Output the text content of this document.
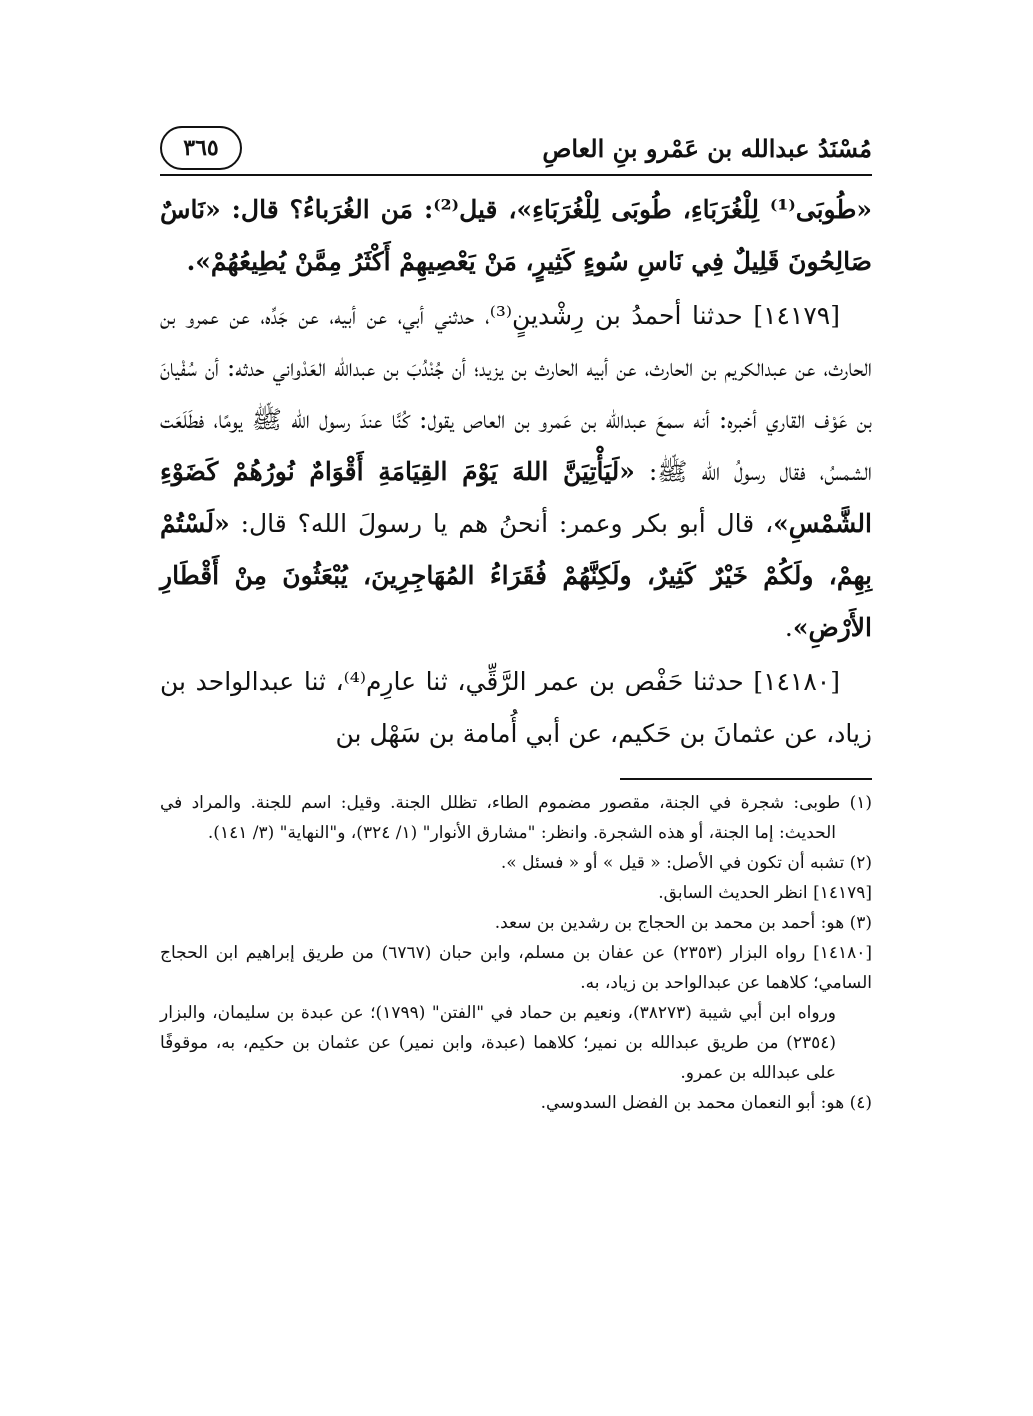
مُسْنَدُ عبدالله بن عَمْرو بنِ العاصِ
٣٦٥

«طُوبَى⁽¹⁾ لِلْغُرَبَاءِ، طُوبَى لِلْغُرَبَاءِ»، قيل⁽²⁾: مَن الغُرَباءُ؟ قال: «نَاسٌ صَالِحُونَ قَلِيلٌ فِي نَاسِ سُوءٍ كَثِيرٍ، مَنْ يَعْصِيهِمْ أَكْثَرُ مِمَّنْ يُطِيعُهُمْ».

[١٤١٧٩] حدثنا أحمدُ بن رِشْدينٍ⁽³⁾، حدثني أبي، عن أبيه، عن جَدِّه، عن عمرو بن الحارث، عن عبدالكريم بن الحارث، عن أبيه الحارث بن يزيد؛ أن جُنْدُبَ بن عبدالله العَدْواني حدثه: أن سُفْيانَ بن عَوْف القاري أخبره: أنه سمعَ عبدالله بن عَمرو بن العاص يقول: كُنَّا عندَ رسول الله ﷺ يومًا، فطَلَعَت الشمسُ، فقال رسولُ الله ﷺ: «لَيَأْتِيَنَّ اللهَ يَوْمَ القِيَامَةِ أَقْوَامٌ نُورُهُمْ كَضَوْءِ الشَّمْسِ»، قال أبو بكر وعمر: أنحنُ هم يا رسولَ الله؟ قال: «لَسْتُمْ بِهِمْ، ولَكُمْ خَيْرٌ كَثِيرٌ، ولَكِنَّهُمْ فُقَرَاءُ المُهَاجِرِينَ، يُبْعَثُونَ مِنْ أَقْطَارِ الأَرْضِ».

[١٤١٨٠] حدثنا حَفْص بن عمر الرَّقِّي، ثنا عارِم⁽⁴⁾، ثنا عبدالواحد بن زياد، عن عثمانَ بن حَكيم، عن أبي أُمامة بن سَهْل بن

(١) طوبى: شجرة في الجنة، مقصور مضموم الطاء، تظلل الجنة. وقيل: اسم للجنة. والمراد في الحديث: إما الجنة، أو هذه الشجرة. وانظر: "مشارق الأنوار" (١/ ٣٢٤)، و"النهاية" (٣/ ١٤١).

(٢) تشبه أن تكون في الأصل: « قيل » أو « فسئل ».

[١٤١٧٩] انظر الحديث السابق.

(٣) هو: أحمد بن محمد بن الحجاج بن رشدين بن سعد.

[١٤١٨٠] رواه البزار (٢٣٥٣) عن عفان بن مسلم، وابن حبان (٦٧٦٧) من طريق إبراهيم ابن الحجاج السامي؛ كلاهما عن عبدالواحد بن زياد، به.
ورواه ابن أبي شيبة (٣٨٢٧٣)، ونعيم بن حماد في "الفتن" (١٧٩٩)؛ عن عبدة بن سليمان، والبزار (٢٣٥٤) من طريق عبدالله بن نمير؛ كلاهما (عبدة، وابن نمير) عن عثمان بن حكيم، به، موقوفًا على عبدالله بن عمرو.

(٤) هو: أبو النعمان محمد بن الفضل السدوسي.
